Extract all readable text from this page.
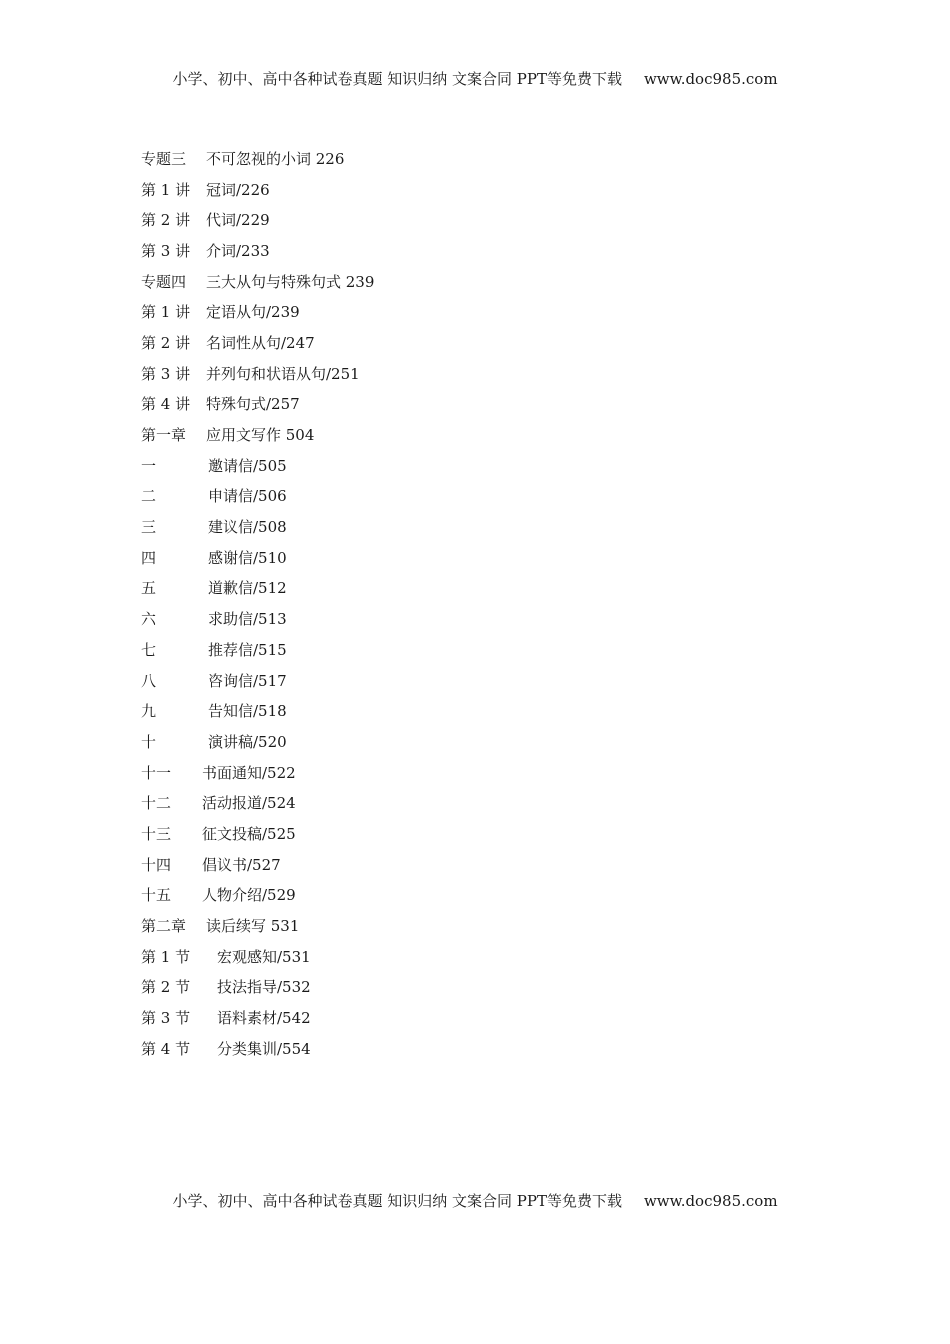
小学、初中、高中各种试卷真题 知识归纳 文案合同 PPT等免费下载 www.doc985.com
专题三	不可忽视的小词 226
第 1 讲	冠词/226
第 2 讲	代词/229
第 3 讲	介词/233
专题四	三大从句与特殊句式 239
第 1 讲	定语从句/239
第 2 讲	名词性从句/247
第 3 讲	并列句和状语从句/251
第 4 讲	特殊句式/257
第一章	应用文写作 504
一	邀请信/505
二	申请信/506
三	建议信/508
四	感谢信/510
五	道歉信/512
六	求助信/513
七	推荐信/515
八	咨询信/517
九	告知信/518
十	演讲稿/520
十一	书面通知/522
十二	活动报道/524
十三	征文投稿/525
十四	倡议书/527
十五	人物介绍/529
第二章	读后续写 531
第 1 节	宏观感知/531
第 2 节	技法指导/532
第 3 节	语料素材/542
第 4 节	分类集训/554
小学、初中、高中各种试卷真题 知识归纳 文案合同 PPT等免费下载 www.doc985.com
